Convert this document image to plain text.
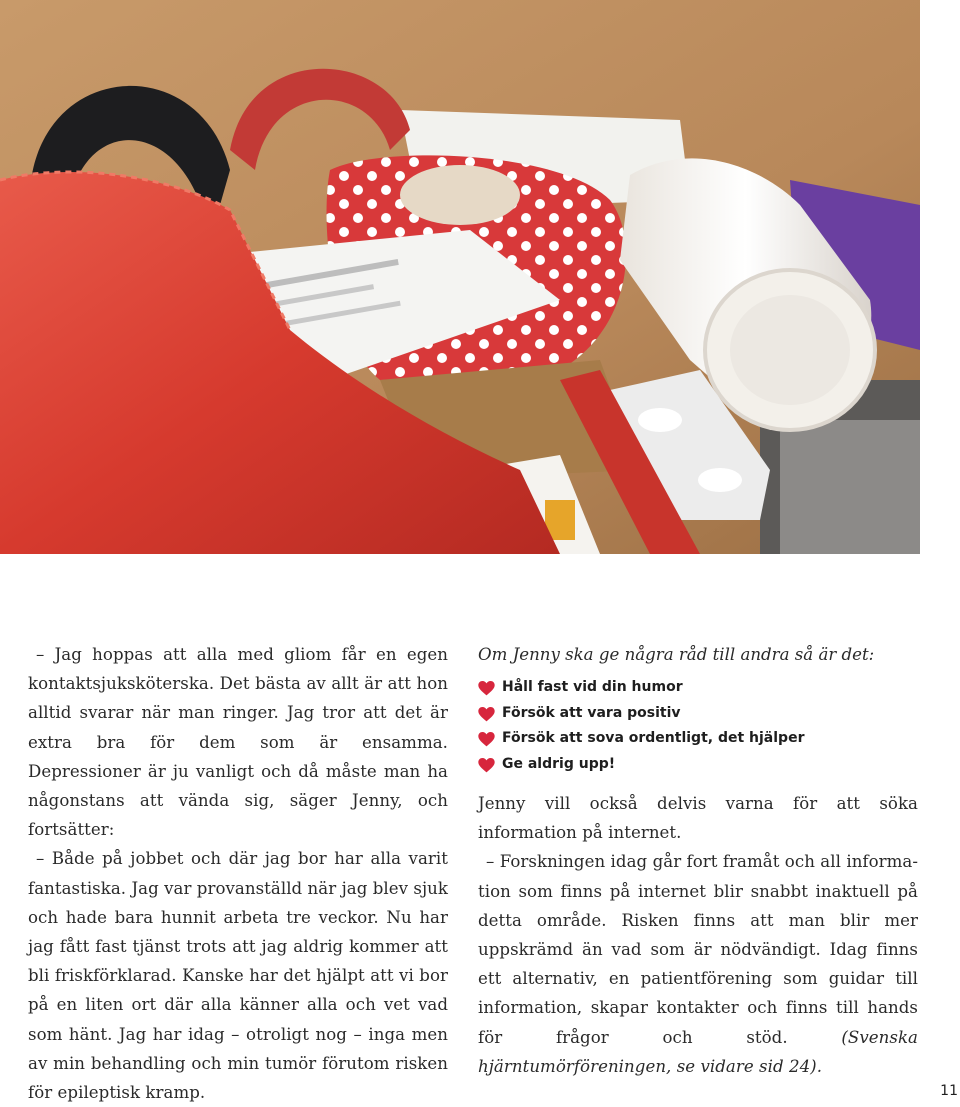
– Jag hoppas att alla med gliom får en egen kontaktsjuksköterska. Det bästa av allt är att hon alltid svarar när man ringer. Jag tror att det är extra bra för dem som är ensamma. Depressioner är ju vanligt och då måste man ha någonstans att vända sig, säger Jenny, och fortsätter:

– Både på jobbet och där jag bor har alla varit fantastiska. Jag var provanställd när jag blev sjuk och hade bara hunnit arbeta tre veckor. Nu har jag fått fast tjänst trots att jag aldrig kommer att bli friskförklarad. Kanske har det hjälpt att vi bor på en liten ort där alla känner alla och vet vad som hänt. Jag har idag – otroligt nog – inga men av min behandling och min tumör förutom risken för epileptisk kramp.

Om Jenny ska ge några råd till andra så är det:

Håll fast vid din humor
Försök att vara positiv
Försök att sova ordentligt, det hjälper
Ge aldrig upp!

Jenny vill också delvis varna för att söka information på internet.

– Forskningen idag går fort framåt och all information som finns på internet blir snabbt inaktuell på detta område. Risken finns att man blir mer uppskrämd än vad som är nödvändigt. Idag finns ett alternativ, en patientförening som guidar till information, skapar kontakter och finns till hands för frågor och stöd.	(Svenska hjärntumörföreningen, se vidare sid 24).

11
